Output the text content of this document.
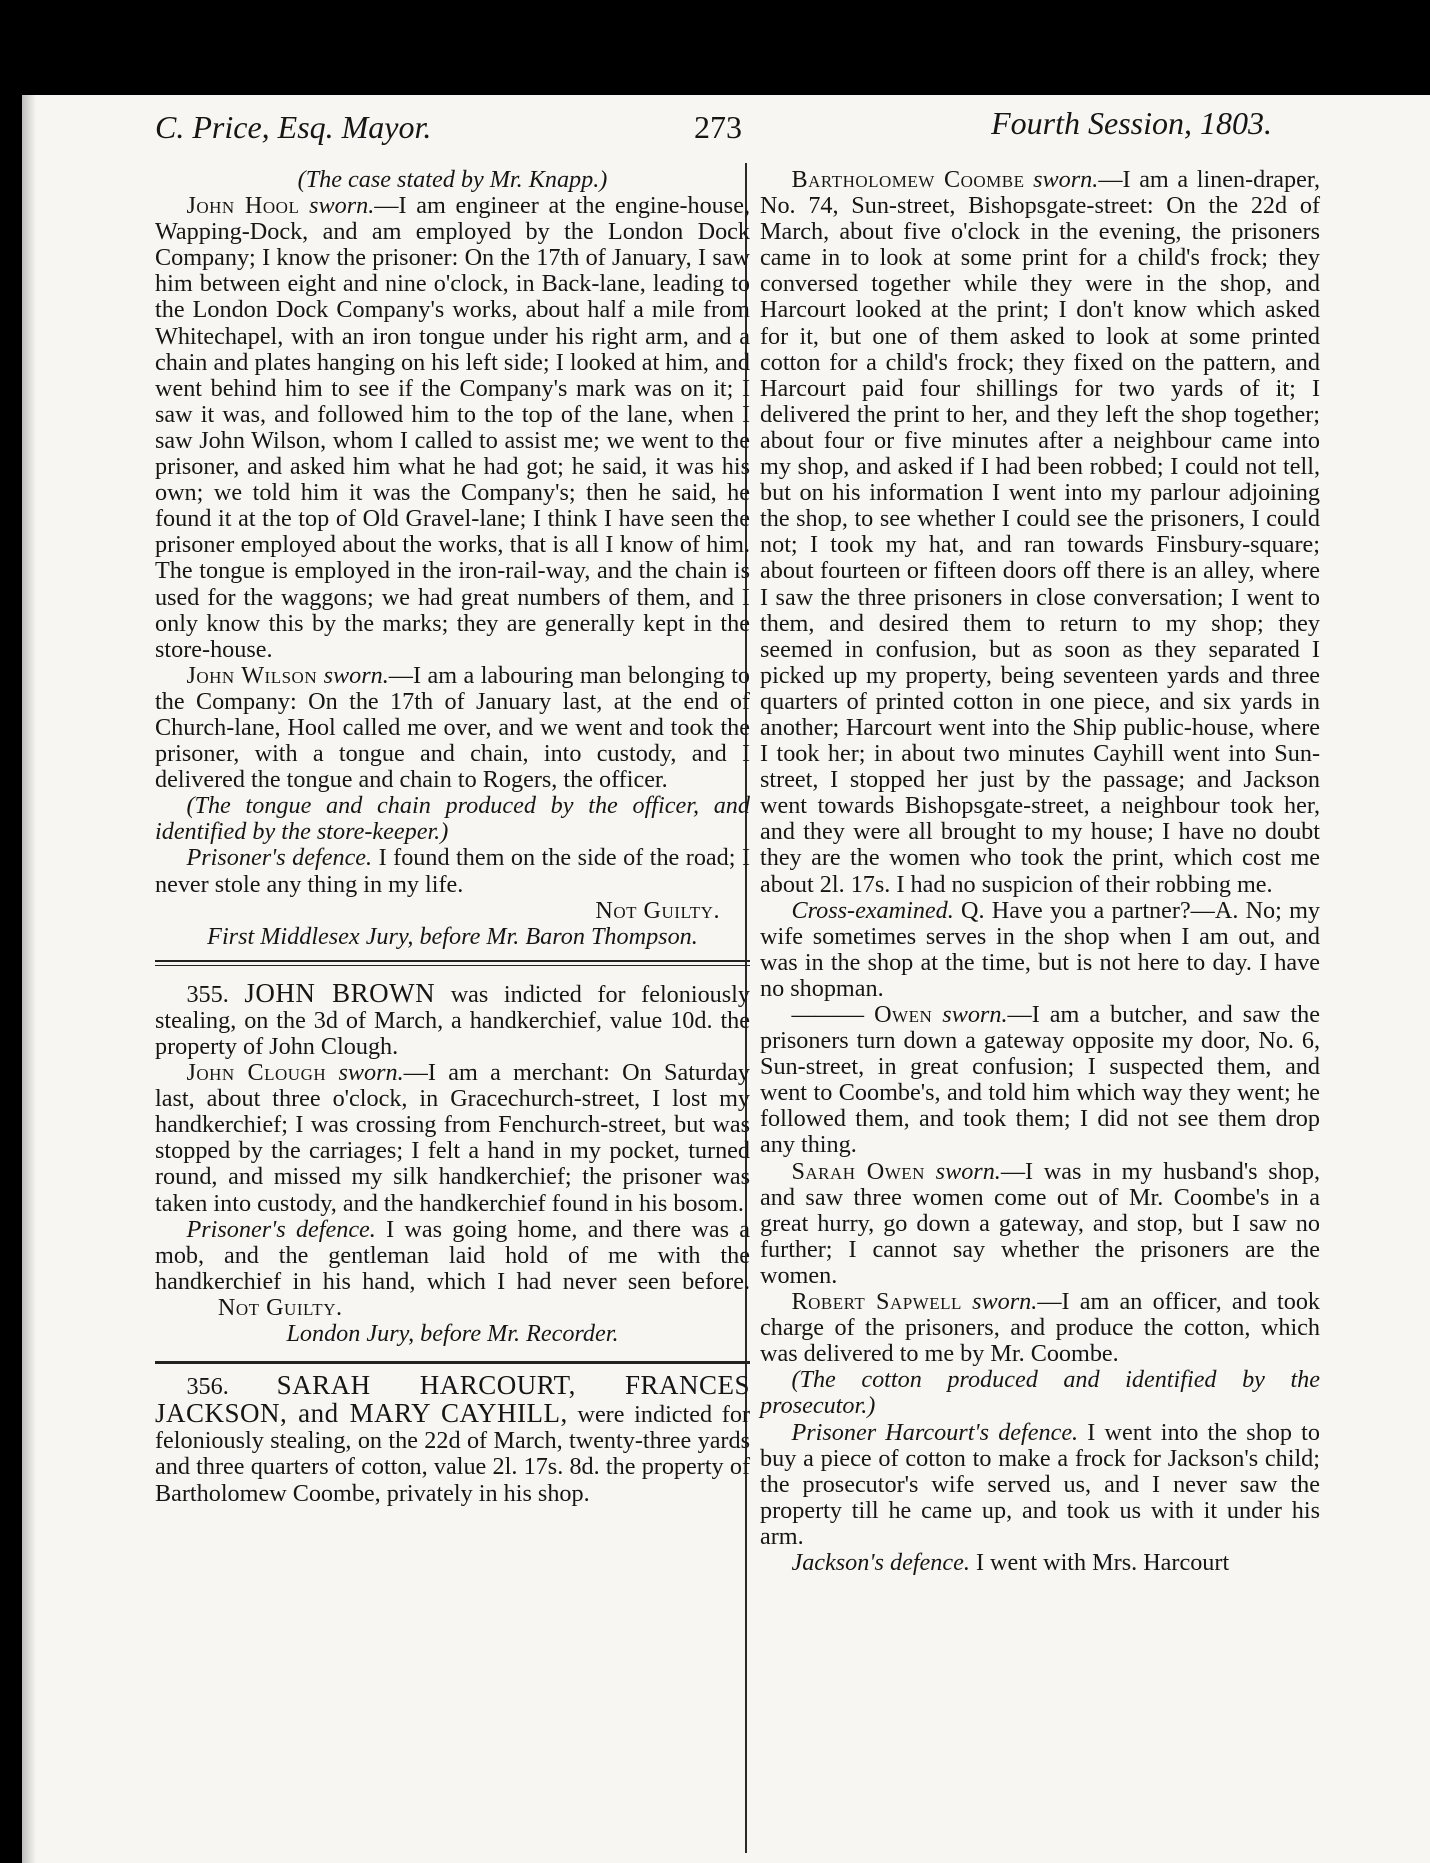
C. Price, Esq. Mayor.	273	Fourth Session, 1803.

(The case stated by Mr. Knapp.)

John Hool sworn.—I am engineer at the engine-house, Wapping-Dock, and am employed by the London Dock Company; I know the prisoner: On the 17th of January, I saw him between eight and nine o'clock, in Back-lane, leading to the London Dock Company's works, about half a mile from Whitechapel, with an iron tongue under his right arm, and a chain and plates hanging on his left side; I looked at him, and went behind him to see if the Company's mark was on it; I saw it was, and followed him to the top of the lane, when I saw John Wilson, whom I called to assist me; we went to the prisoner, and asked him what he had got; he said, it was his own; we told him it was the Company's; then he said, he found it at the top of Old Gravel-lane; I think I have seen the prisoner employed about the works, that is all I know of him. The tongue is employed in the iron-rail-way, and the chain is used for the waggons; we had great numbers of them, and I only know this by the marks; they are generally kept in the store-house.

John Wilson sworn.—I am a labouring man belonging to the Company: On the 17th of January last, at the end of Church-lane, Hool called me over, and we went and took the prisoner, with a tongue and chain, into custody, and I delivered the tongue and chain to Rogers, the officer.

(The tongue and chain produced by the officer, and identified by the store-keeper.)

Prisoner's defence. I found them on the side of the road; I never stole any thing in my life.

Not Guilty.

First Middlesex Jury, before Mr. Baron Thompson.

355. JOHN BROWN was indicted for feloniously stealing, on the 3d of March, a handkerchief, value 10d. the property of John Clough.

John Clough sworn.—I am a merchant: On Saturday last, about three o'clock, in Gracechurch-street, I lost my handkerchief; I was crossing from Fenchurch-street, but was stopped by the carriages; I felt a hand in my pocket, turned round, and missed my silk handkerchief; the prisoner was taken into custody, and the handkerchief found in his bosom.

Prisoner's defence. I was going home, and there was a mob, and the gentleman laid hold of me with the handkerchief in his hand, which I had never seen before.Not Guilty.

London Jury, before Mr. Recorder.

356. SARAH HARCOURT, FRANCES JACKSON, and MARY CAYHILL, were indicted for feloniously stealing, on the 22d of March, twenty-three yards and three quarters of cotton, value 2l. 17s. 8d. the property of Bartholomew Coombe, privately in his shop.

Bartholomew Coombe sworn.—I am a linen-draper, No. 74, Sun-street, Bishopsgate-street: On the 22d of March, about five o'clock in the evening, the prisoners came in to look at some print for a child's frock; they conversed together while they were in the shop, and Harcourt looked at the print; I don't know which asked for it, but one of them asked to look at some printed cotton for a child's frock; they fixed on the pattern, and Harcourt paid four shillings for two yards of it; I delivered the print to her, and they left the shop together; about four or five minutes after a neighbour came into my shop, and asked if I had been robbed; I could not tell, but on his information I went into my parlour adjoining the shop, to see whether I could see the prisoners, I could not; I took my hat, and ran towards Finsbury-square; about fourteen or fifteen doors off there is an alley, where I saw the three prisoners in close conversation; I went to them, and desired them to return to my shop; they seemed in confusion, but as soon as they separated I picked up my property, being seventeen yards and three quarters of printed cotton in one piece, and six yards in another; Harcourt went into the Ship public-house, where I took her; in about two minutes Cayhill went into Sun-street, I stopped her just by the passage; and Jackson went towards Bishopsgate-street, a neighbour took her, and they were all brought to my house; I have no doubt they are the women who took the print, which cost me about 2l. 17s. I had no suspicion of their robbing me.

Cross-examined. Q. Have you a partner?—A. No; my wife sometimes serves in the shop when I am out, and was in the shop at the time, but is not here to day. I have no shopman.

——— Owen sworn.—I am a butcher, and saw the prisoners turn down a gateway opposite my door, No. 6, Sun-street, in great confusion; I suspected them, and went to Coombe's, and told him which way they went; he followed them, and took them; I did not see them drop any thing.

Sarah Owen sworn.—I was in my husband's shop, and saw three women come out of Mr. Coombe's in a great hurry, go down a gateway, and stop, but I saw no further; I cannot say whether the prisoners are the women.

Robert Sapwell sworn.—I am an officer, and took charge of the prisoners, and produce the cotton, which was delivered to me by Mr. Coombe.

(The cotton produced and identified by the prosecutor.)

Prisoner Harcourt's defence. I went into the shop to buy a piece of cotton to make a frock for Jackson's child; the prosecutor's wife served us, and I never saw the property till he came up, and took us with it under his arm.

Jackson's defence. I went with Mrs. Harcourt
